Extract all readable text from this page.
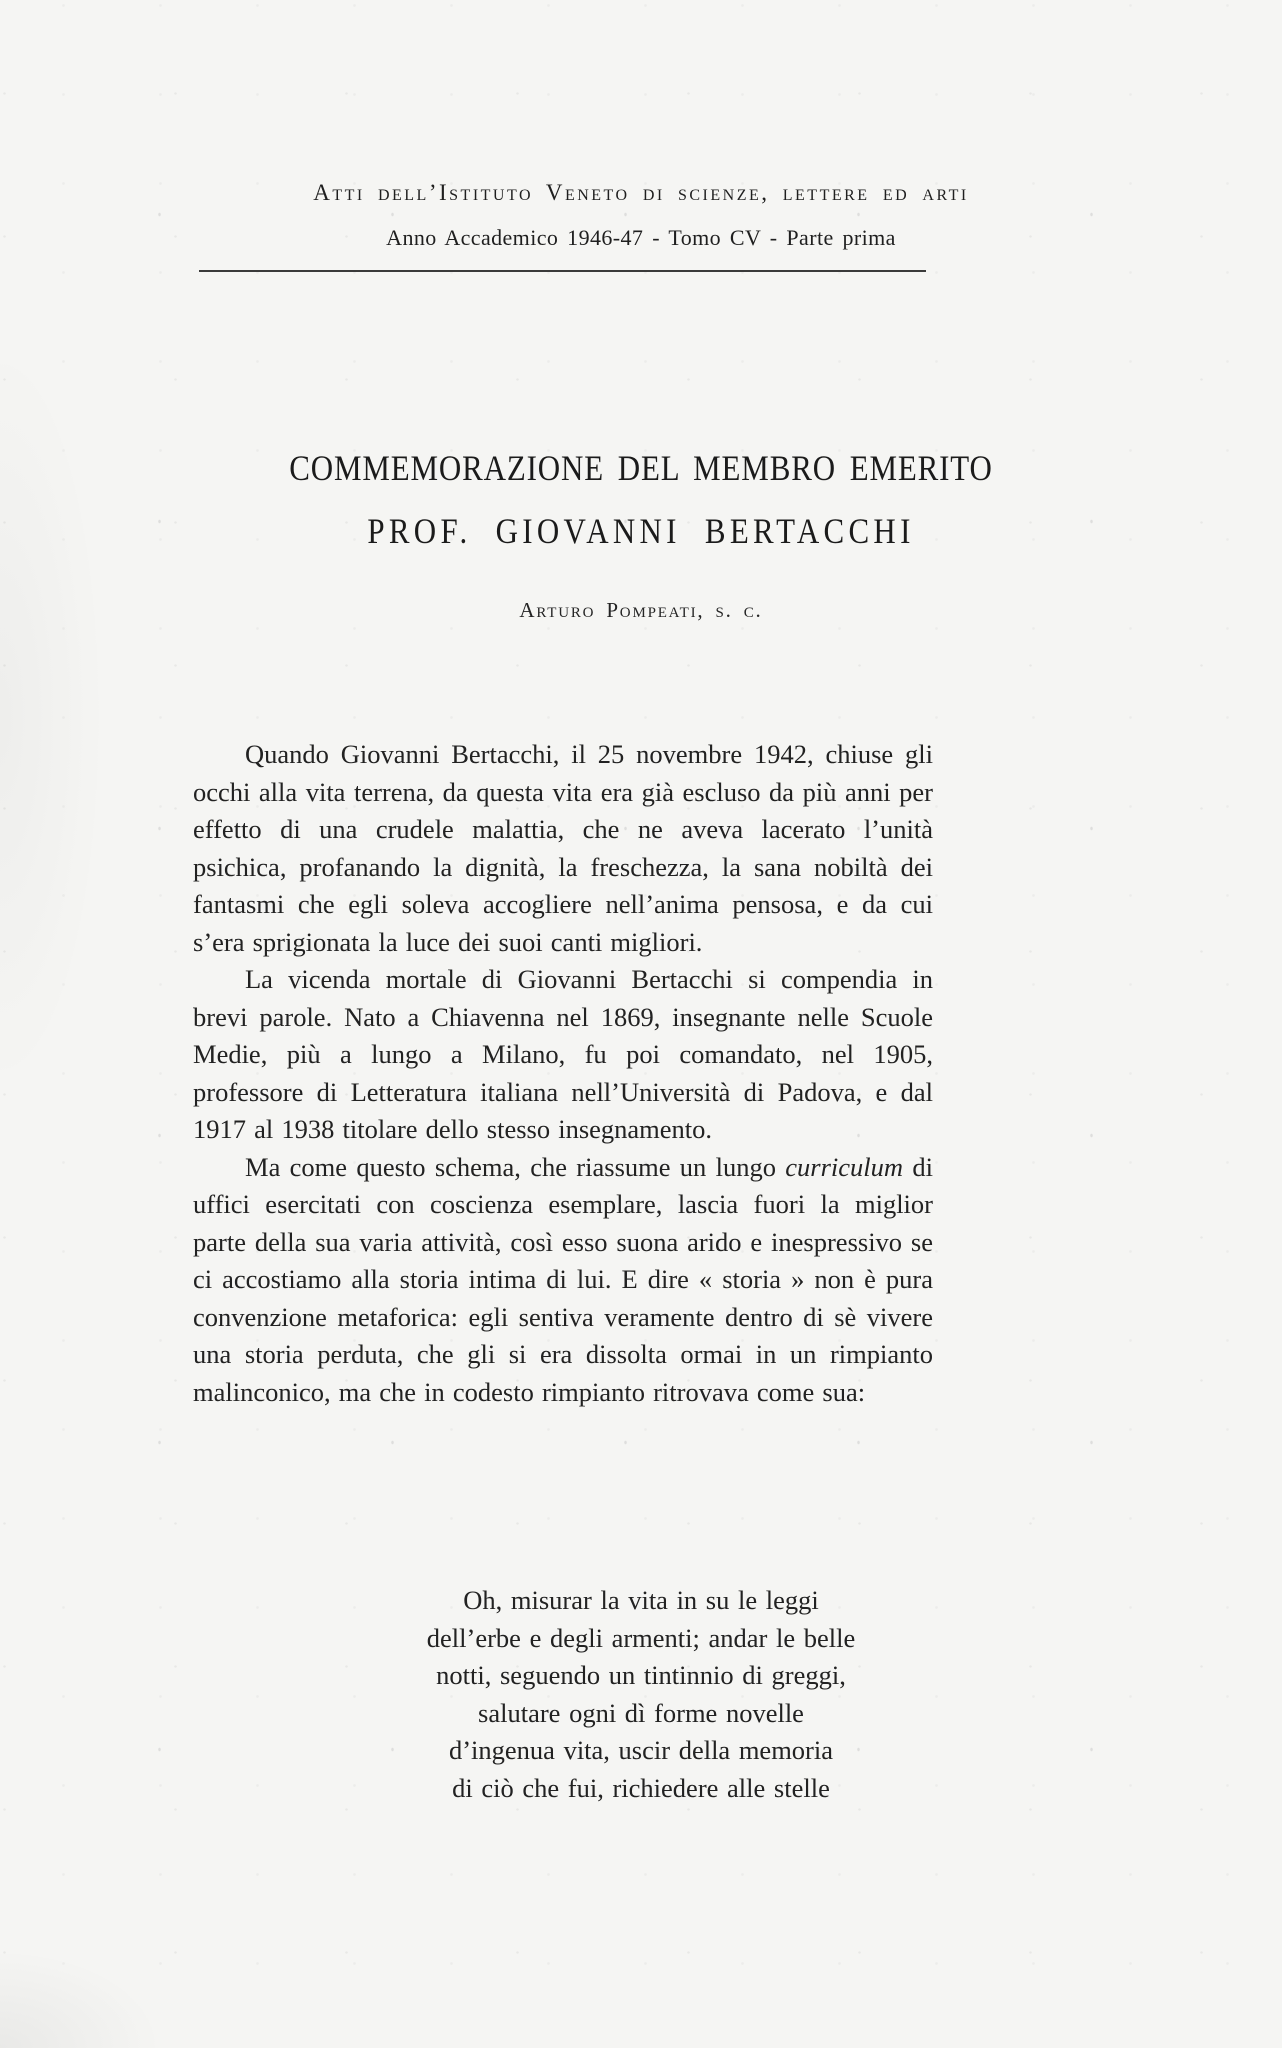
Atti dell’Istituto Veneto di scienze, lettere ed arti
Anno Accademico 1946-47 - Tomo CV - Parte prima
COMMEMORAZIONE DEL MEMBRO EMERITO
PROF. GIOVANNI BERTACCHI
Arturo Pompeati, s. c.

Quando Giovanni Bertacchi, il 25 novembre 1942, chiuse gli occhi alla vita terrena, da questa vita era già escluso da più anni per effetto di una crudele malattia, che ne aveva lacerato l’unità psichica, profanando la dignità, la freschezza, la sana nobiltà dei fantasmi che egli soleva accogliere nell’anima pensosa, e da cui s’era sprigionata la luce dei suoi canti migliori.

La vicenda mortale di Giovanni Bertacchi si compendia in brevi parole. Nato a Chiavenna nel 1869, insegnante nelle Scuole Medie, più a lungo a Milano, fu poi comandato, nel 1905, professore di Letteratura italiana nell’Università di Padova, e dal 1917 al 1938 titolare dello stesso insegnamento.

Ma come questo schema, che riassume un lungo curriculum di uffici esercitati con coscienza esemplare, lascia fuori la miglior parte della sua varia attività, così esso suona arido e inespressivo se ci accostiamo alla storia intima di lui. E dire « storia » non è pura convenzione metaforica: egli sentiva veramente dentro di sè vivere una storia perduta, che gli si era dissolta ormai in un rimpianto malinconico, ma che in codesto rimpianto ritrovava come sua:

Oh, misurar la vita in su le leggi
dell’erbe e degli armenti; andar le belle
notti, seguendo un tintinnio di greggi,
salutare ogni dì forme novelle
d’ingenua vita, uscir della memoria
di ciò che fui, richiedere alle stelle
